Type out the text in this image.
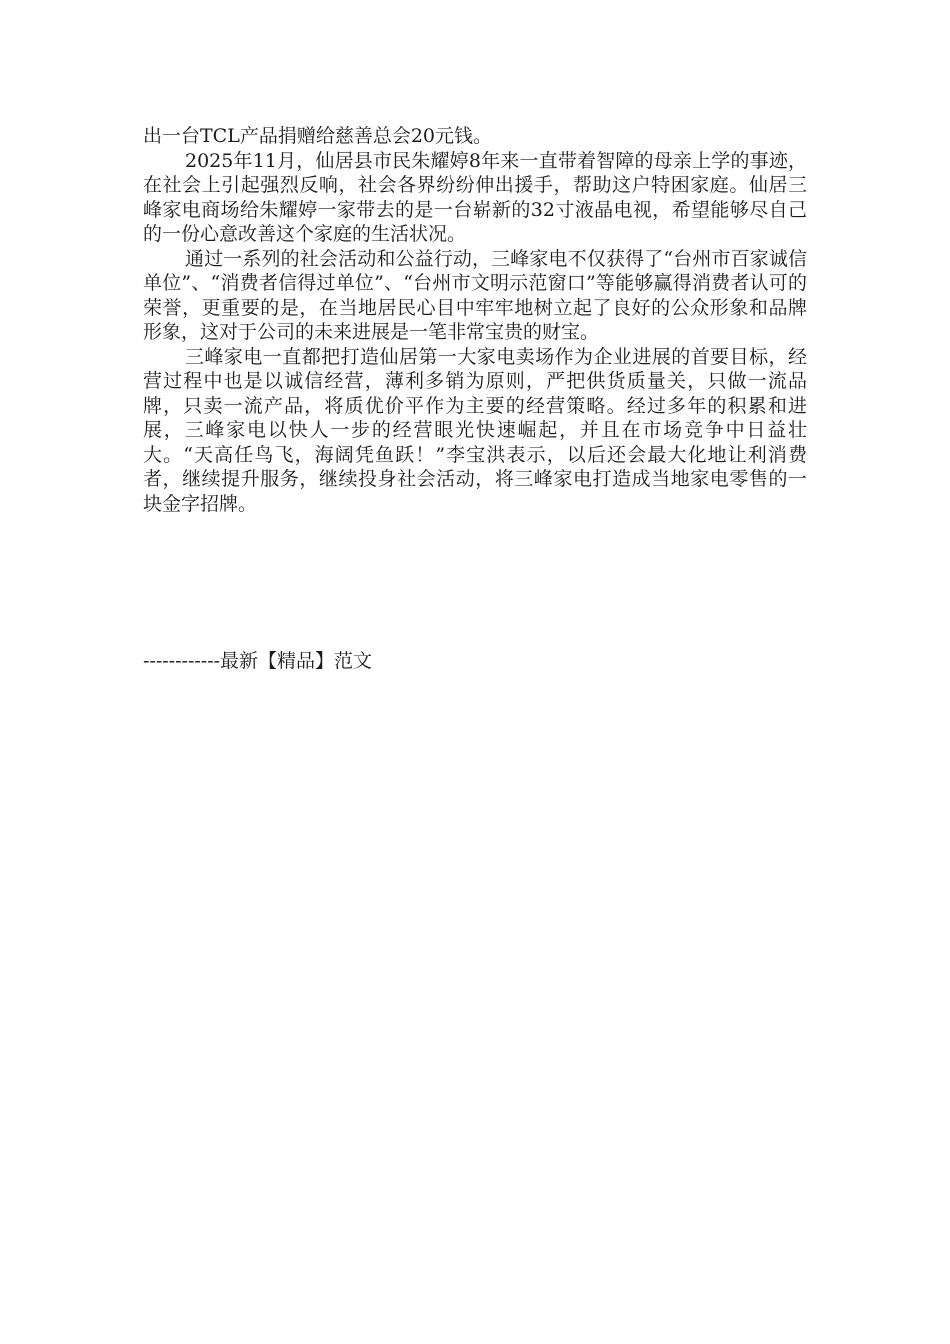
出一台TCL产品捐赠给慈善总会20元钱。

2025年11月，仙居县市民朱耀婷8年来一直带着智障的母亲上学的事迹，在社会上引起强烈反响，社会各界纷纷伸出援手，帮助这户特困家庭。仙居三峰家电商场给朱耀婷一家带去的是一台崭新的32寸液晶电视，希望能够尽自己的一份心意改善这个家庭的生活状况。

通过一系列的社会活动和公益行动，三峰家电不仅获得了“台州市百家诚信单位”、“消费者信得过单位”、“台州市文明示范窗口”等能够赢得消费者认可的荣誉，更重要的是，在当地居民心目中牢牢地树立起了良好的公众形象和品牌形象，这对于公司的未来进展是一笔非常宝贵的财宝。

三峰家电一直都把打造仙居第一大家电卖场作为企业进展的首要目标，经营过程中也是以诚信经营，薄利多销为原则，严把供货质量关，只做一流品牌，只卖一流产品，将质优价平作为主要的经营策略。经过多年的积累和进展，三峰家电以快人一步的经营眼光快速崛起，并且在市场竞争中日益壮大。“天高任鸟飞，海阔凭鱼跃！”李宝洪表示，以后还会最大化地让利消费者，继续提升服务，继续投身社会活动，将三峰家电打造成当地家电零售的一块金字招牌。

------------最新【精品】范文
